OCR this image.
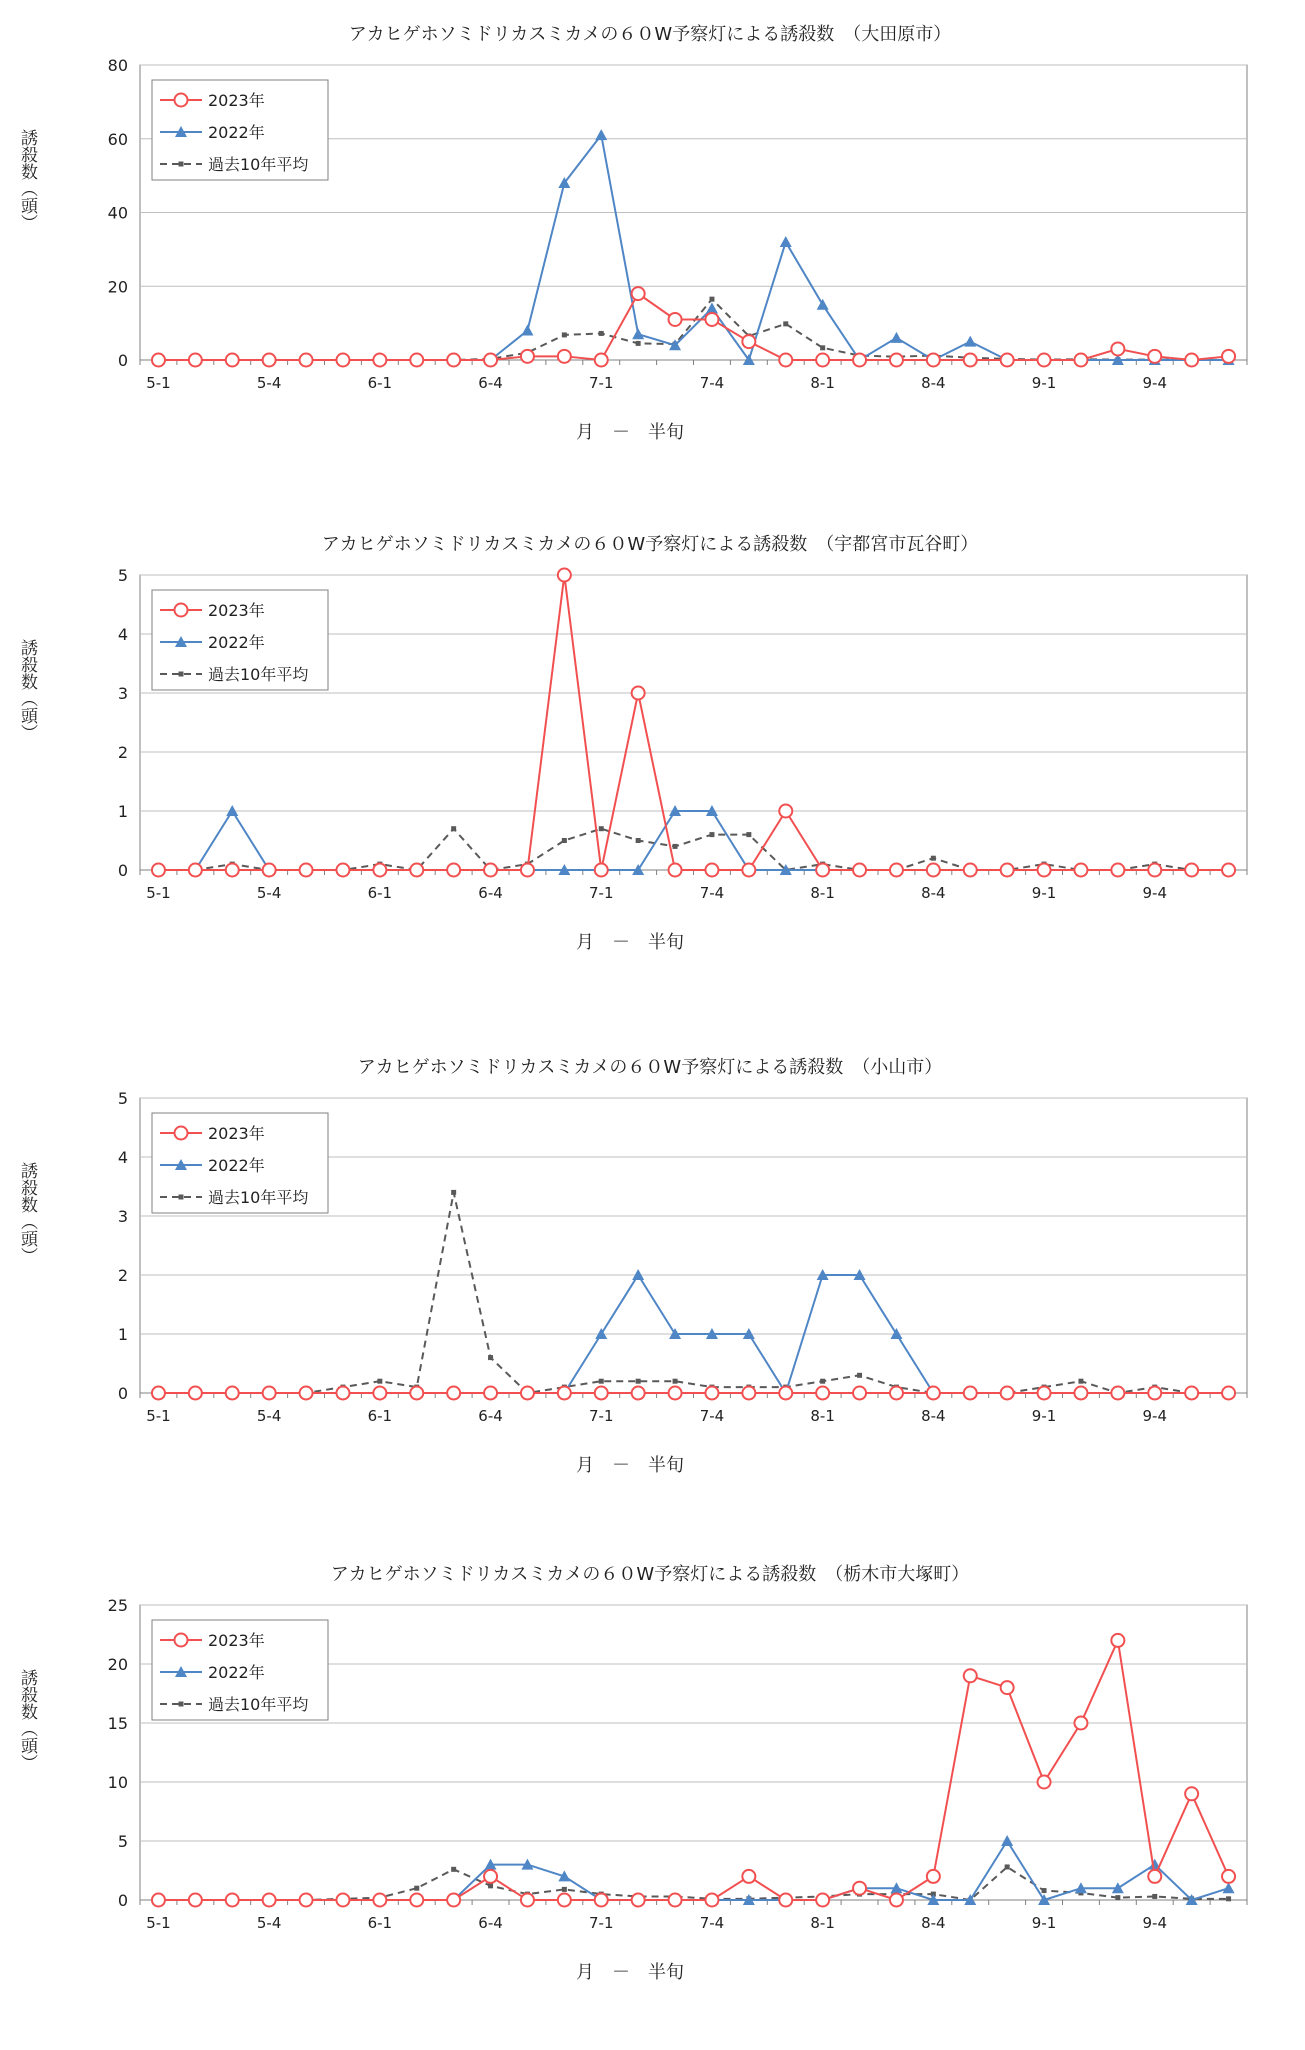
アカヒゲホソミドリカスミカメの６０W予察灯による誘殺数　（大田原市）
0
20
40
60
80
5-1	5-4	6-1	6-4	7-1	7-4	8-1	8-4	9-1	9-4
月　－　半旬
誘殺数（頭）
2023年
2022年
過去10年平均
アカヒゲホソミドリカスミカメの６０W予察灯による誘殺数　（宇都宮市瓦谷町）
0
1
2
3
4
5
5-1	5-4	6-1	6-4	7-1	7-4	8-1	8-4	9-1	9-4
月　－　半旬
誘殺数（頭）
2023年
2022年
過去10年平均
アカヒゲホソミドリカスミカメの６０W予察灯による誘殺数　（小山市）
0
1
2
3
4
5
5-1	5-4	6-1	6-4	7-1	7-4	8-1	8-4	9-1	9-4
月　－　半旬
誘殺数（頭）
2023年
2022年
過去10年平均
アカヒゲホソミドリカスミカメの６０W予察灯による誘殺数　（栃木市大塚町）
0
5
10
15
20
25
5-1	5-4	6-1	6-4	7-1	7-4	8-1	8-4	9-1	9-4
月　－　半旬
誘殺数（頭）
2023年
2022年
過去10年平均
